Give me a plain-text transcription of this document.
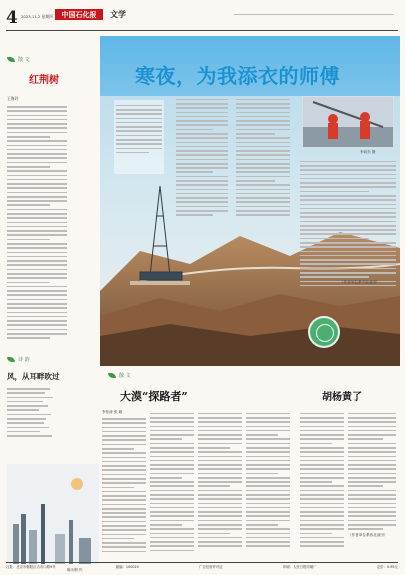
4 2023.11.2 星期四	中国石化报	文学
散 文
红荆树
王海玲
寒夜，为我添衣的师傅
李向东 摄
（作者单位系中原油田）
诗 韵
风，从耳畔吹过
陈永钢 作
散 文
大漠“探路者”	胡杨黄了
李松涛 张 颖
（作者单位系西北油田）
社址：北京市朝阳区吉市口路9号	邮编：100020	广告经营许可证	印刷：人民日报印刷厂	定价：0.95元
